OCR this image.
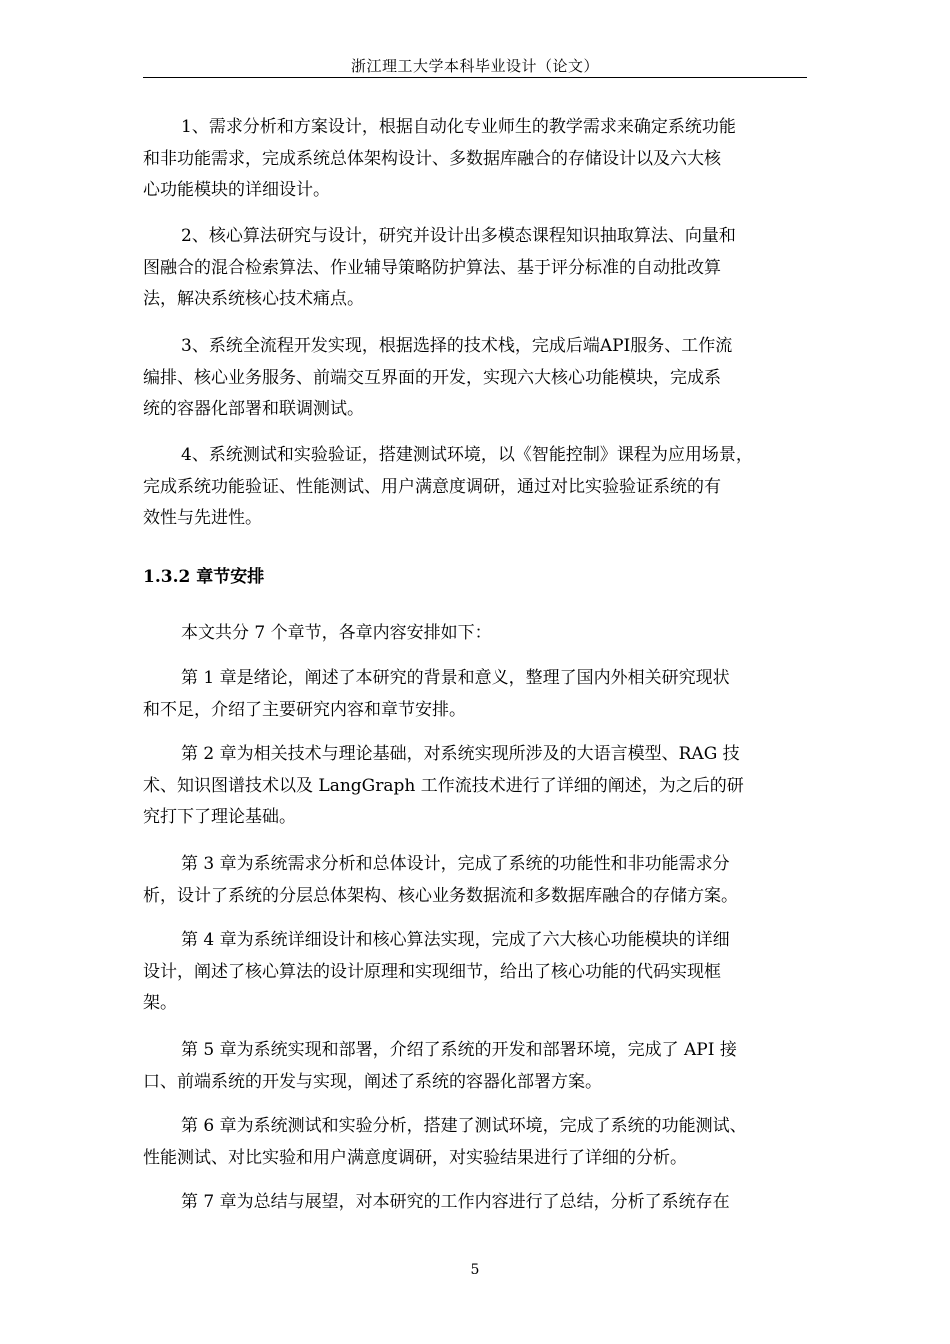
浙江理工大学本科毕业设计（论文）
1、需求分析和方案设计，根据自动化专业师生的教学需求来确定系统功能
和非功能需求，完成系统总体架构设计、多数据库融合的存储设计以及六大核
心功能模块的详细设计。
2、核心算法研究与设计，研究并设计出多模态课程知识抽取算法、向量和
图融合的混合检索算法、作业辅导策略防护算法、基于评分标准的自动批改算
法，解决系统核心技术痛点。
3、系统全流程开发实现，根据选择的技术栈，完成后端API服务、工作流
编排、核心业务服务、前端交互界面的开发，实现六大核心功能模块，完成系
统的容器化部署和联调测试。
4、系统测试和实验验证，搭建测试环境，以《智能控制》课程为应用场景，
完成系统功能验证、性能测试、用户满意度调研，通过对比实验验证系统的有
效性与先进性。
1.3.2 章节安排
本文共分 7 个章节，各章内容安排如下：
第 1 章是绪论，阐述了本研究的背景和意义，整理了国内外相关研究现状
和不足，介绍了主要研究内容和章节安排。
第 2 章为相关技术与理论基础，对系统实现所涉及的大语言模型、RAG 技
术、知识图谱技术以及 LangGraph 工作流技术进行了详细的阐述，为之后的研
究打下了理论基础。
第 3 章为系统需求分析和总体设计，完成了系统的功能性和非功能需求分
析，设计了系统的分层总体架构、核心业务数据流和多数据库融合的存储方案。
第 4 章为系统详细设计和核心算法实现，完成了六大核心功能模块的详细
设计，阐述了核心算法的设计原理和实现细节，给出了核心功能的代码实现框
架。
第 5 章为系统实现和部署，介绍了系统的开发和部署环境，完成了 API 接
口、前端系统的开发与实现，阐述了系统的容器化部署方案。
第 6 章为系统测试和实验分析，搭建了测试环境，完成了系统的功能测试、
性能测试、对比实验和用户满意度调研，对实验结果进行了详细的分析。
第 7 章为总结与展望，对本研究的工作内容进行了总结，分析了系统存在
5
